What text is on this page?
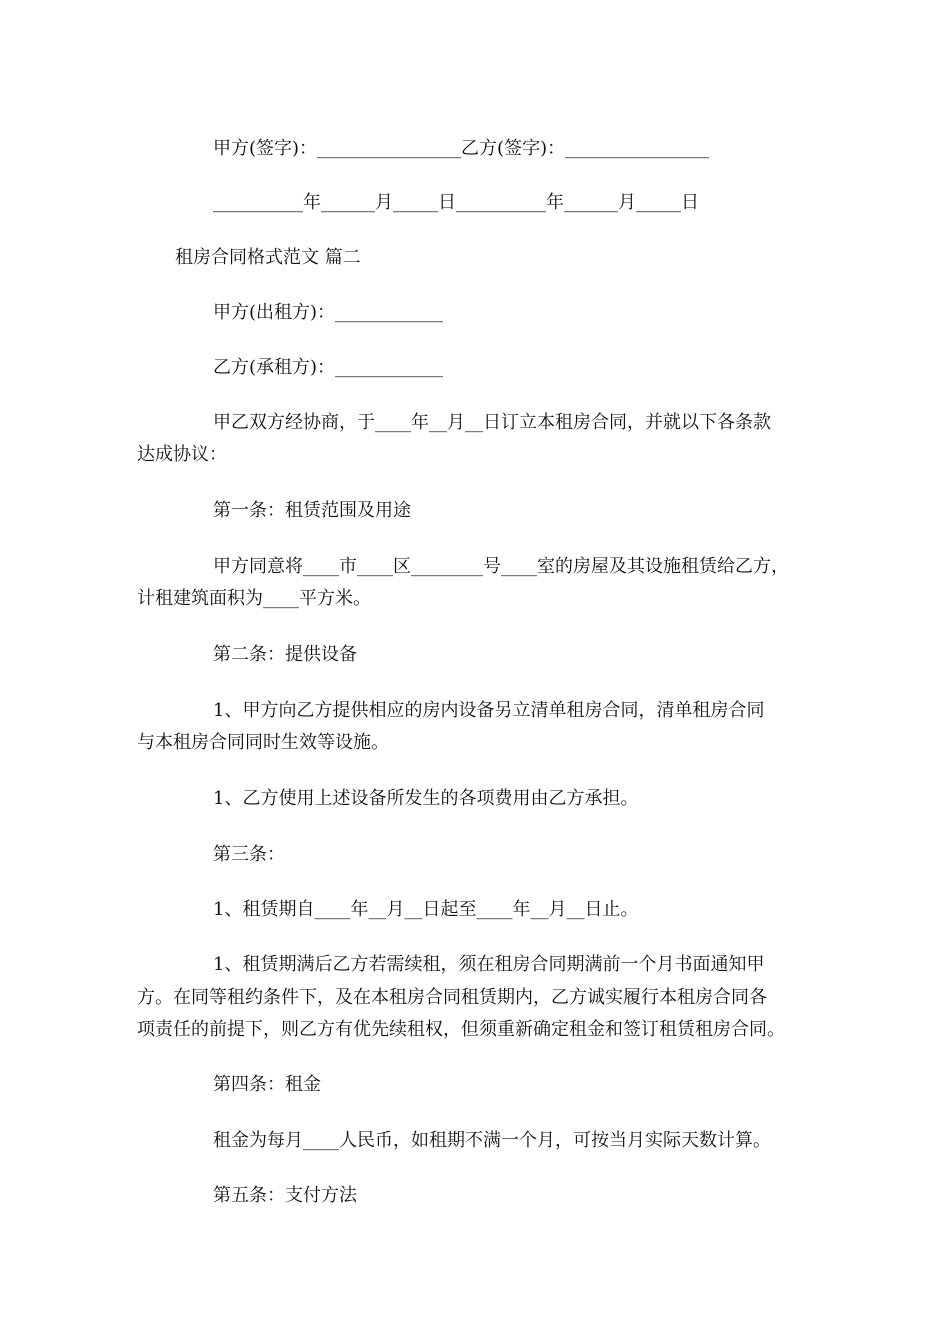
甲方(签字)：________________乙方(签字)：________________

__________年______月_____日__________年______月_____日

租房合同格式范文 篇二

甲方(出租方)：____________

乙方(承租方)：____________

甲乙双方经协商，于____年__月__日订立本租房合同，并就以下各条款

达成协议：

第一条：租赁范围及用途

甲方同意将____市____区________号____室的房屋及其设施租赁给乙方，

计租建筑面积为____平方米。

第二条：提供设备

1、甲方向乙方提供相应的房内设备另立清单租房合同，清单租房合同

与本租房合同同时生效等设施。

1、乙方使用上述设备所发生的各项费用由乙方承担。

第三条：

1、租赁期自____年__月__日起至____年__月__日止。

1、租赁期满后乙方若需续租，须在租房合同期满前一个月书面通知甲

方。在同等租约条件下，及在本租房合同租赁期内，乙方诚实履行本租房合同各

项责任的前提下，则乙方有优先续租权，但须重新确定租金和签订租赁租房合同。

第四条：租金

租金为每月____人民币，如租期不满一个月，可按当月实际天数计算。

第五条：支付方法
